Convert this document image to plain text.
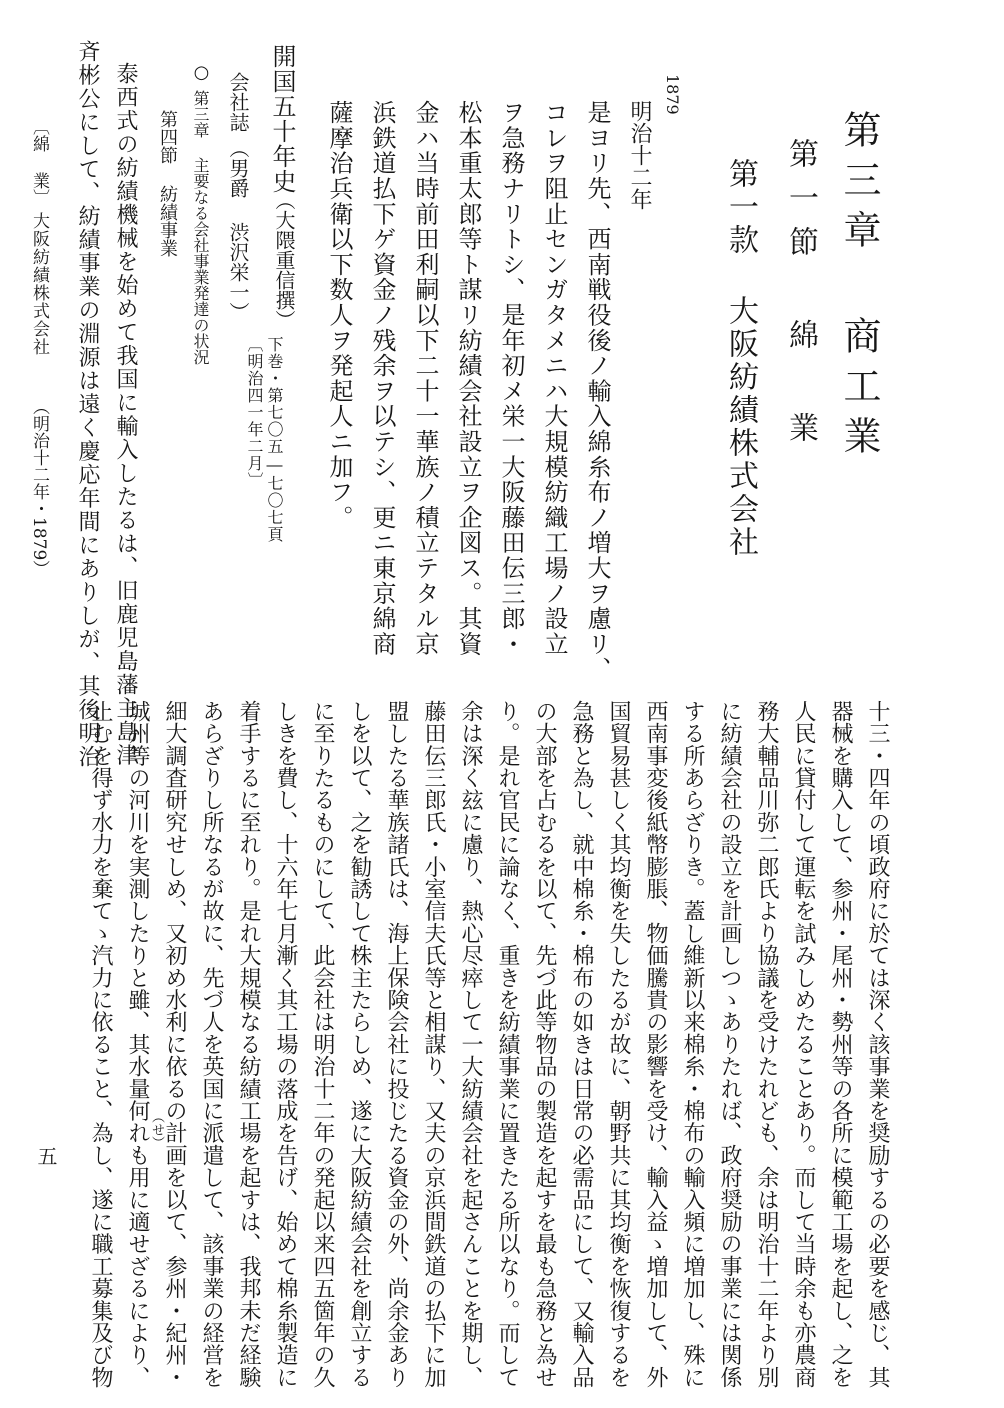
第三章 商工業
第一節 綿 業
第一款 大阪紡績株式会社
1879
明治十二年
是ヨリ先、西南戦役後ノ輸入綿糸布ノ増大ヲ慮リ、
コレヲ阻止センガタメニハ大規模紡織工場ノ設立
ヲ急務ナリトシ、是年初メ栄一大阪藤田伝三郎・
松本重太郎等ト謀リ紡績会社設立ヲ企図ス。其資
金ハ当時前田利嗣以下二十一華族ノ積立テタル京
浜鉄道払下ゲ資金ノ残余ヲ以テシ、更ニ東京綿商
薩摩治兵衛以下数人ヲ発起人ニ加フ。
開国五十年史
（大隈重信撰）
下巻・第七〇五―七〇七頁
〔明治四一年二月〕
会社誌
（男爵 渋沢栄一）
○
第三章 主要なる会社事業発達の状況
第四節 紡績事業
泰西式の紡績機械を始めて我国に輸入したるは、旧鹿児島藩主島津
斉彬公にして、紡績事業の淵源は遠く慶応年間にありしが、其後明治
〔綿 業〕
大阪紡績株式会社
（明治十二年・1879）
十三・四年の頃政府に於ては深く該事業を奨励するの必要を感じ、其
器械を購入して、参州・尾州・勢州等の各所に模範工場を起し、之を
人民に貸付して運転を試みしめたることあり。而して当時余も亦農商
務大輔品川弥二郎氏より協議を受けたれども、余は明治十二年より別
に紡績会社の設立を計画しつゝありたれば、政府奨励の事業には関係
する所あらざりき。蓋し維新以来棉糸・棉布の輸入頻に増加し、殊に
西南事変後紙幣膨脹、物価騰貴の影響を受け、輸入益ゝ増加して、外
国貿易甚しく其均衡を失したるが故に、朝野共に其均衡を恢復するを
急務と為し、就中棉糸・棉布の如きは日常の必需品にして、又輸入品
の大部を占むるを以て、先づ此等物品の製造を起すを最も急務と為せ
り。是れ官民に論なく、重きを紡績事業に置きたる所以なり。而して
余は深く玆に慮り、熱心尽瘁して一大紡績会社を起さんことを期し、
藤田伝三郎氏・小室信夫氏等と相謀り、又夫の京浜間鉄道の払下に加
盟したる華族諸氏は、海上保険会社に投じたる資金の外、尚余金あり
しを以て、之を勧誘して株主たらしめ、遂に大阪紡績会社を創立する
に至りたるものにして、此会社は明治十二年の発起以来四五箇年の久
しきを費し、十六年七月漸く其工場の落成を告げ、始めて棉糸製造に
着手するに至れり。是れ大規模なる紡績工場を起すは、我邦未だ経験
あらざりし所なるが故に、先づ人を英国に派遣して、該事業の経営を
細大調査研究せしめ、又初め水利に依るの計画を以て、参州・紀州・
城州等の河川を実測したりと雖、其水量何れも用に適せざるにより、
止むを得ず水力を棄てゝ汽力に依ること、為し、遂に職工募集及び物	（せ）
五
